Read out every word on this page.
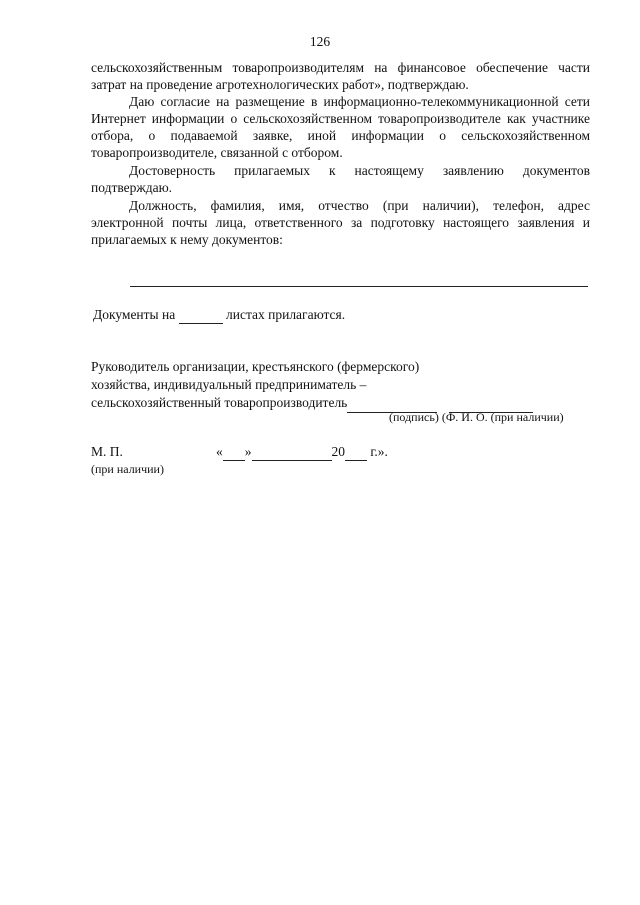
126

сельскохозяйственным товаропроизводителям на финансовое обеспечение части затрат на проведение агротехнологических работ», подтверждаю.

Даю согласие на размещение в информационно-телекоммуникационной сети Интернет информации о сельскохозяйственном товаропроизводителе как участнике отбора, о подаваемой заявке, иной информации о сельскохозяйственном товаропроизводителе, связанной с отбором.

Достоверность прилагаемых к настоящему заявлению документов подтверждаю.

Должность, фамилия, имя, отчество (при наличии), телефон, адрес электронной почты лица, ответственного за подготовку настоящего заявления и прилагаемых к нему документов:

Документы на	листах прилагаются.
Руководитель организации, крестьянского (фермерского)
хозяйства, индивидуальный предприниматель –
сельскохозяйственный товаропроизводитель
(подпись) (Ф. И. О. (при наличии)
М. П.
(при наличии)
« »	20 г.».
